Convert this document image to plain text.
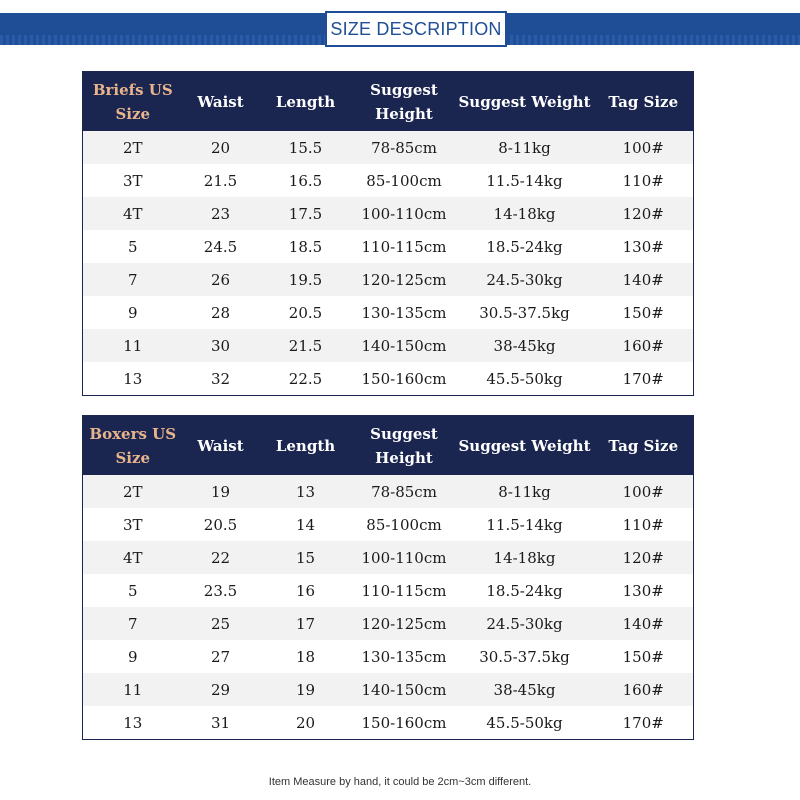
SIZE DESCRIPTION
Briefs US Size	Waist	Length	Suggest Height	Suggest Weight	Tag Size
2T	20	15.5	78-85cm	8-11kg	100#
3T	21.5	16.5	85-100cm	11.5-14kg	110#
4T	23	17.5	100-110cm	14-18kg	120#
5	24.5	18.5	110-115cm	18.5-24kg	130#
7	26	19.5	120-125cm	24.5-30kg	140#
9	28	20.5	130-135cm	30.5-37.5kg	150#
11	30	21.5	140-150cm	38-45kg	160#
13	32	22.5	150-160cm	45.5-50kg	170#
Boxers US Size	Waist	Length	Suggest Height	Suggest Weight	Tag Size
2T	19	13	78-85cm	8-11kg	100#
3T	20.5	14	85-100cm	11.5-14kg	110#
4T	22	15	100-110cm	14-18kg	120#
5	23.5	16	110-115cm	18.5-24kg	130#
7	25	17	120-125cm	24.5-30kg	140#
9	27	18	130-135cm	30.5-37.5kg	150#
11	29	19	140-150cm	38-45kg	160#
13	31	20	150-160cm	45.5-50kg	170#
Item Measure by hand, it could be 2cm~3cm different.
